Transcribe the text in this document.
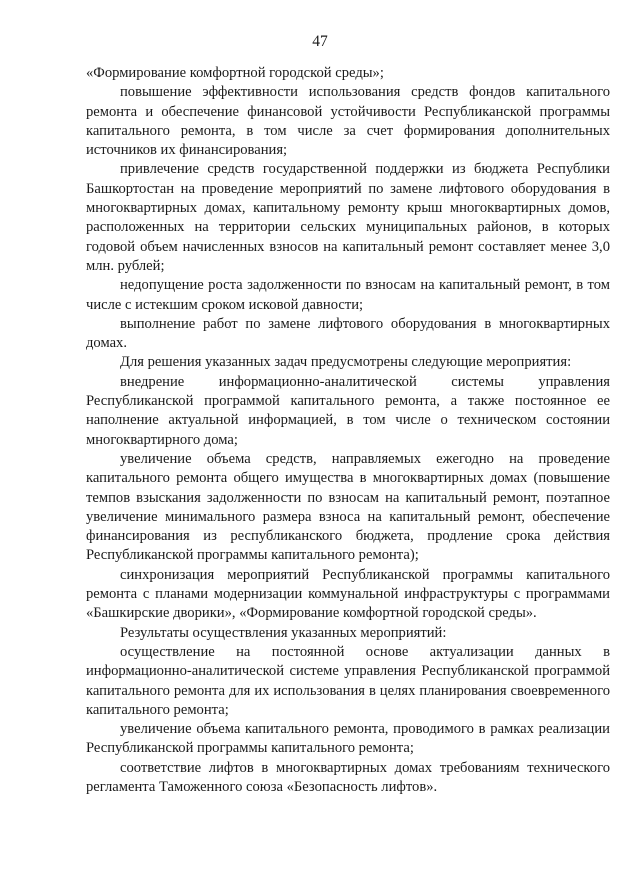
47

«Формирование комфортной городской среды»;

повышение эффективности использования средств фондов капитального ремонта и обеспечение финансовой устойчивости Республиканской программы капитального ремонта, в том числе за счет формирования дополнительных источников их финансирования;

привлечение средств государственной поддержки из бюджета Республики Башкортостан на проведение мероприятий по замене лифтового оборудования в многоквартирных домах, капитальному ремонту крыш многоквартирных домов, расположенных на территории сельских муниципальных районов, в которых годовой объем начисленных взносов на капитальный ремонт составляет менее 3,0 млн. рублей;

недопущение роста задолженности по взносам на капитальный ремонт, в том числе с истекшим сроком исковой давности;

выполнение работ по замене лифтового оборудования в многоквартирных домах.

Для решения указанных задач предусмотрены следующие мероприятия:

внедрение информационно-аналитической системы управления Республиканской программой капитального ремонта, а также постоянное ее наполнение актуальной информацией, в том числе о техническом состоянии многоквартирного дома;

увеличение объема средств, направляемых ежегодно на проведение капитального ремонта общего имущества в многоквартирных домах (повышение темпов взыскания задолженности по взносам на капитальный ремонт, поэтапное увеличение минимального размера взноса на капитальный ремонт, обеспечение финансирования из республиканского бюджета, продление срока действия Республиканской программы капитального ремонта);

синхронизация мероприятий Республиканской программы капитального ремонта с планами модернизации коммунальной инфраструктуры с программами «Башкирские дворики», «Формирование комфортной городской среды».

Результаты осуществления указанных мероприятий:

осуществление на постоянной основе актуализации данных в информационно-аналитической системе управления Республиканской программой капитального ремонта для их использования в целях планирования своевременного капитального ремонта;

увеличение объема капитального ремонта, проводимого в рамках реализации Республиканской программы капитального ремонта;

соответствие лифтов в многоквартирных домах требованиям технического регламента Таможенного союза «Безопасность лифтов».
